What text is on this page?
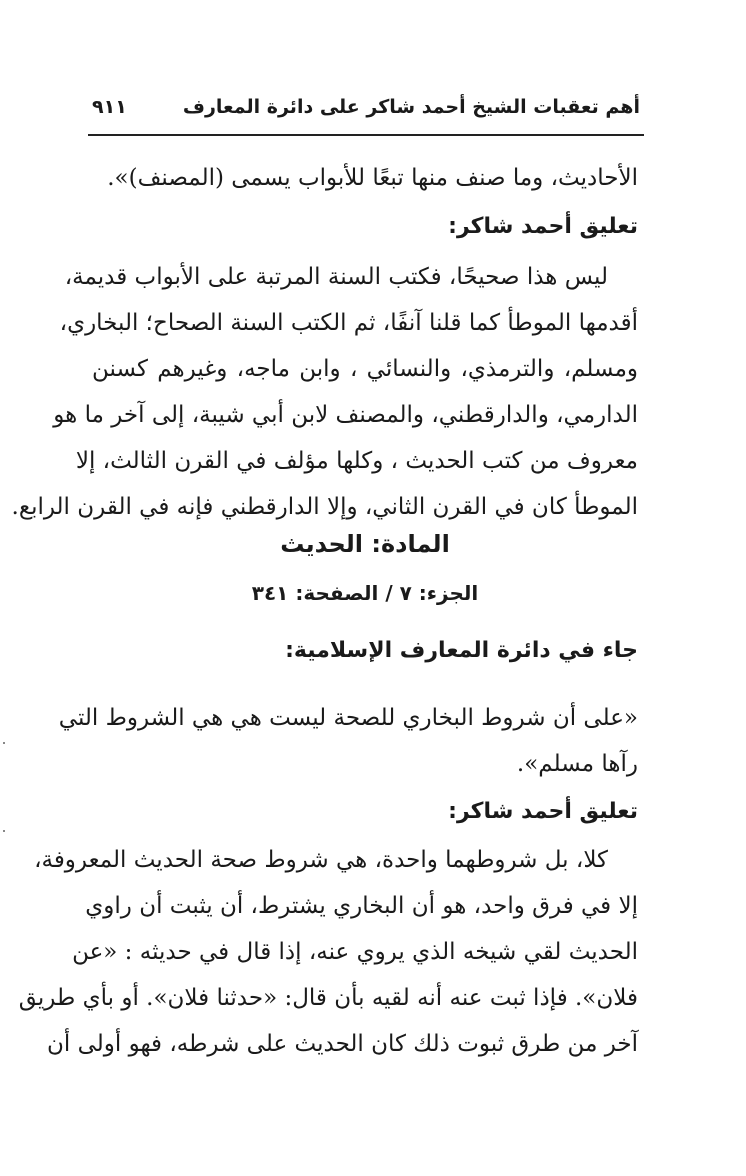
أهم تعقبات الشيخ أحمد شاكر على دائرة المعارف
٩١١
الأحاديث، وما صنف منها تبعًا للأبواب يسمى (المصنف)».
تعليق أحمد شاكر:
ليس هذا صحيحًا، فكتب السنة المرتبة على الأبواب قديمة،
أقدمها الموطأ كما قلنا آنفًا، ثم الكتب السنة الصحاح؛ البخاري،
ومسلم، والترمذي، والنسائي ، وابن ماجه، وغيرهم كسنن
الدارمي، والدارقطني، والمصنف لابن أبي شيبة، إلى آخر ما هو
معروف من كتب الحديث ، وكلها مؤلف في القرن الثالث، إلا
الموطأ كان في القرن الثاني، وإلا الدارقطني فإنه في القرن الرابع.
المادة: الحديث
الجزء: ٧ / الصفحة: ٣٤١
جاء في دائرة المعارف الإسلامية:
«على أن شروط البخاري للصحة ليست هي هي الشروط التي
رآها مسلم».
تعليق أحمد شاكر:
كلا، بل شروطهما واحدة، هي شروط صحة الحديث المعروفة،
إلا في فرق واحد، هو أن البخاري يشترط، أن يثبت أن راوي
الحديث لقي شيخه الذي يروي عنه، إذا قال في حديثه : «عن
فلان». فإذا ثبت عنه أنه لقيه بأن قال: «حدثنا فلان». أو بأي طريق
آخر من طرق ثبوت ذلك كان الحديث على شرطه، فهو أولى أن
